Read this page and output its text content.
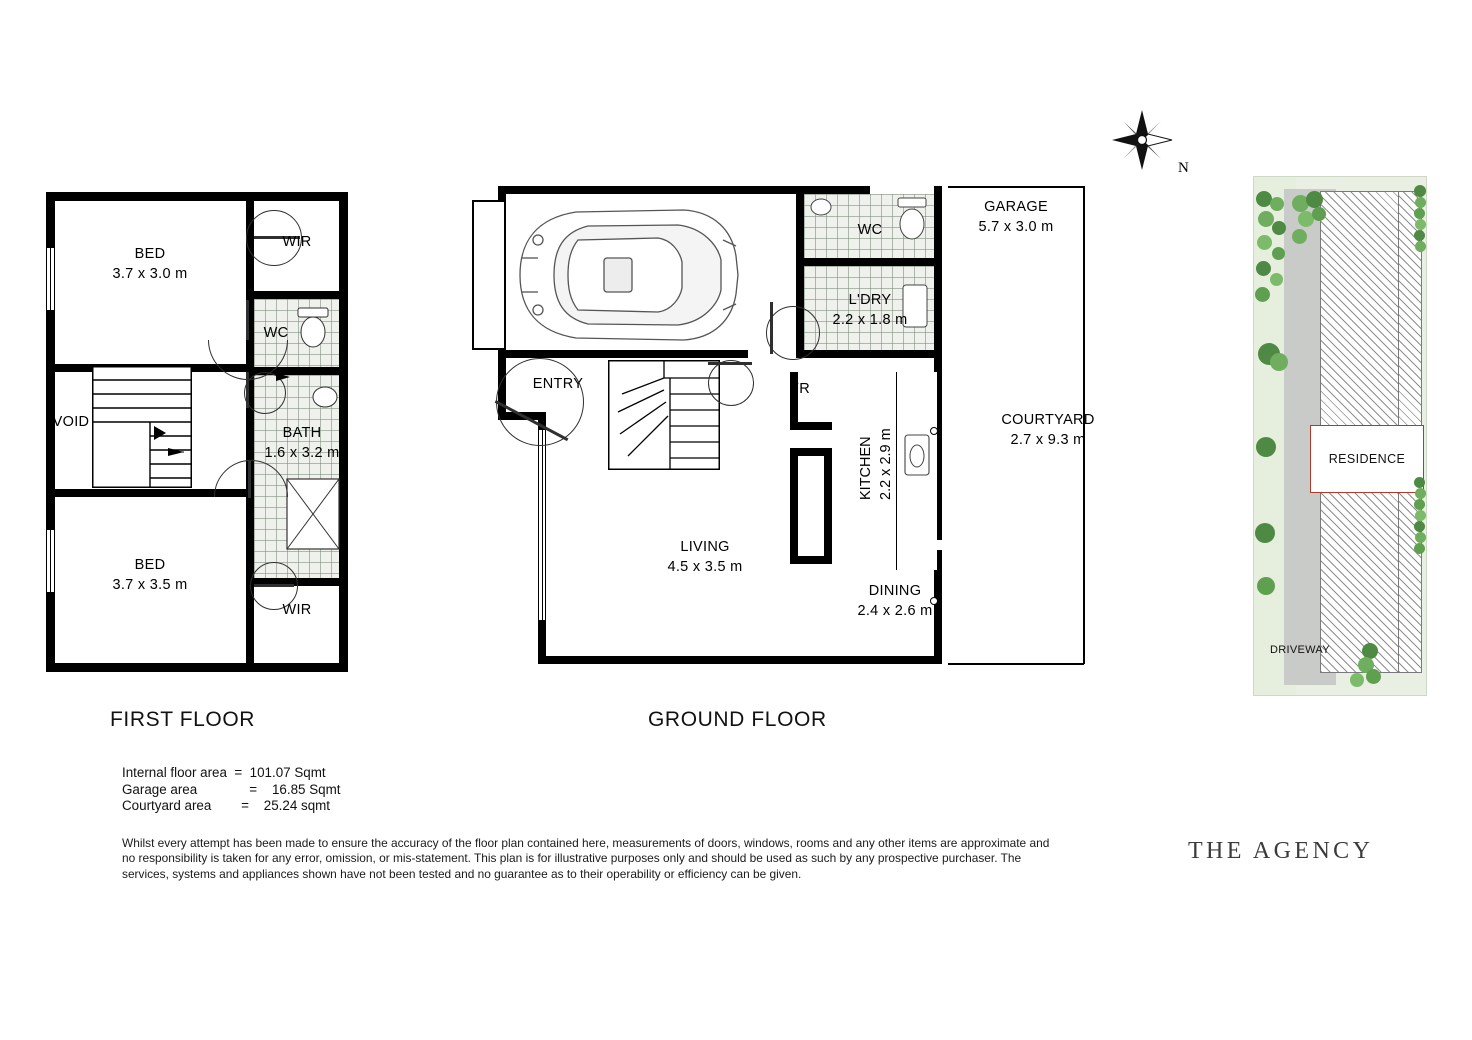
N
BED
3.7 x 3.0 m
WIR
WC
VOID
BATH
1.6 x 3.2 m
BED
3.7 x 3.5 m
WIR
FIRST FLOOR
GARAGE
5.7 x 3.0 m
WC
L'DRY
2.2 x 1.8 m
ENTRY	FR
KITCHEN 2.2 x 2.9 m
COURTYARD
2.7 x 9.3 m
LIVING
4.5 x 3.5 m
DINING
2.4 x 2.6 m
GROUND FLOOR
Internal floor area  =  101.07 Sqmt
Garage area              =    16.85 Sqmt
Courtyard area        =    25.24 sqmt
Whilst every attempt has been made to ensure the accuracy of the floor plan contained here, measurements of doors, windows, rooms and any other items are approximate and no responsibility is taken for any error, omission, or mis-statement. This plan is for illustrative purposes only and should be used as such by any prospective purchaser. The services, systems and appliances shown have not been tested and no guarantee as to their operability or efficiency can be given.
RESIDENCE
DRIVEWAY
THE AGENCY
